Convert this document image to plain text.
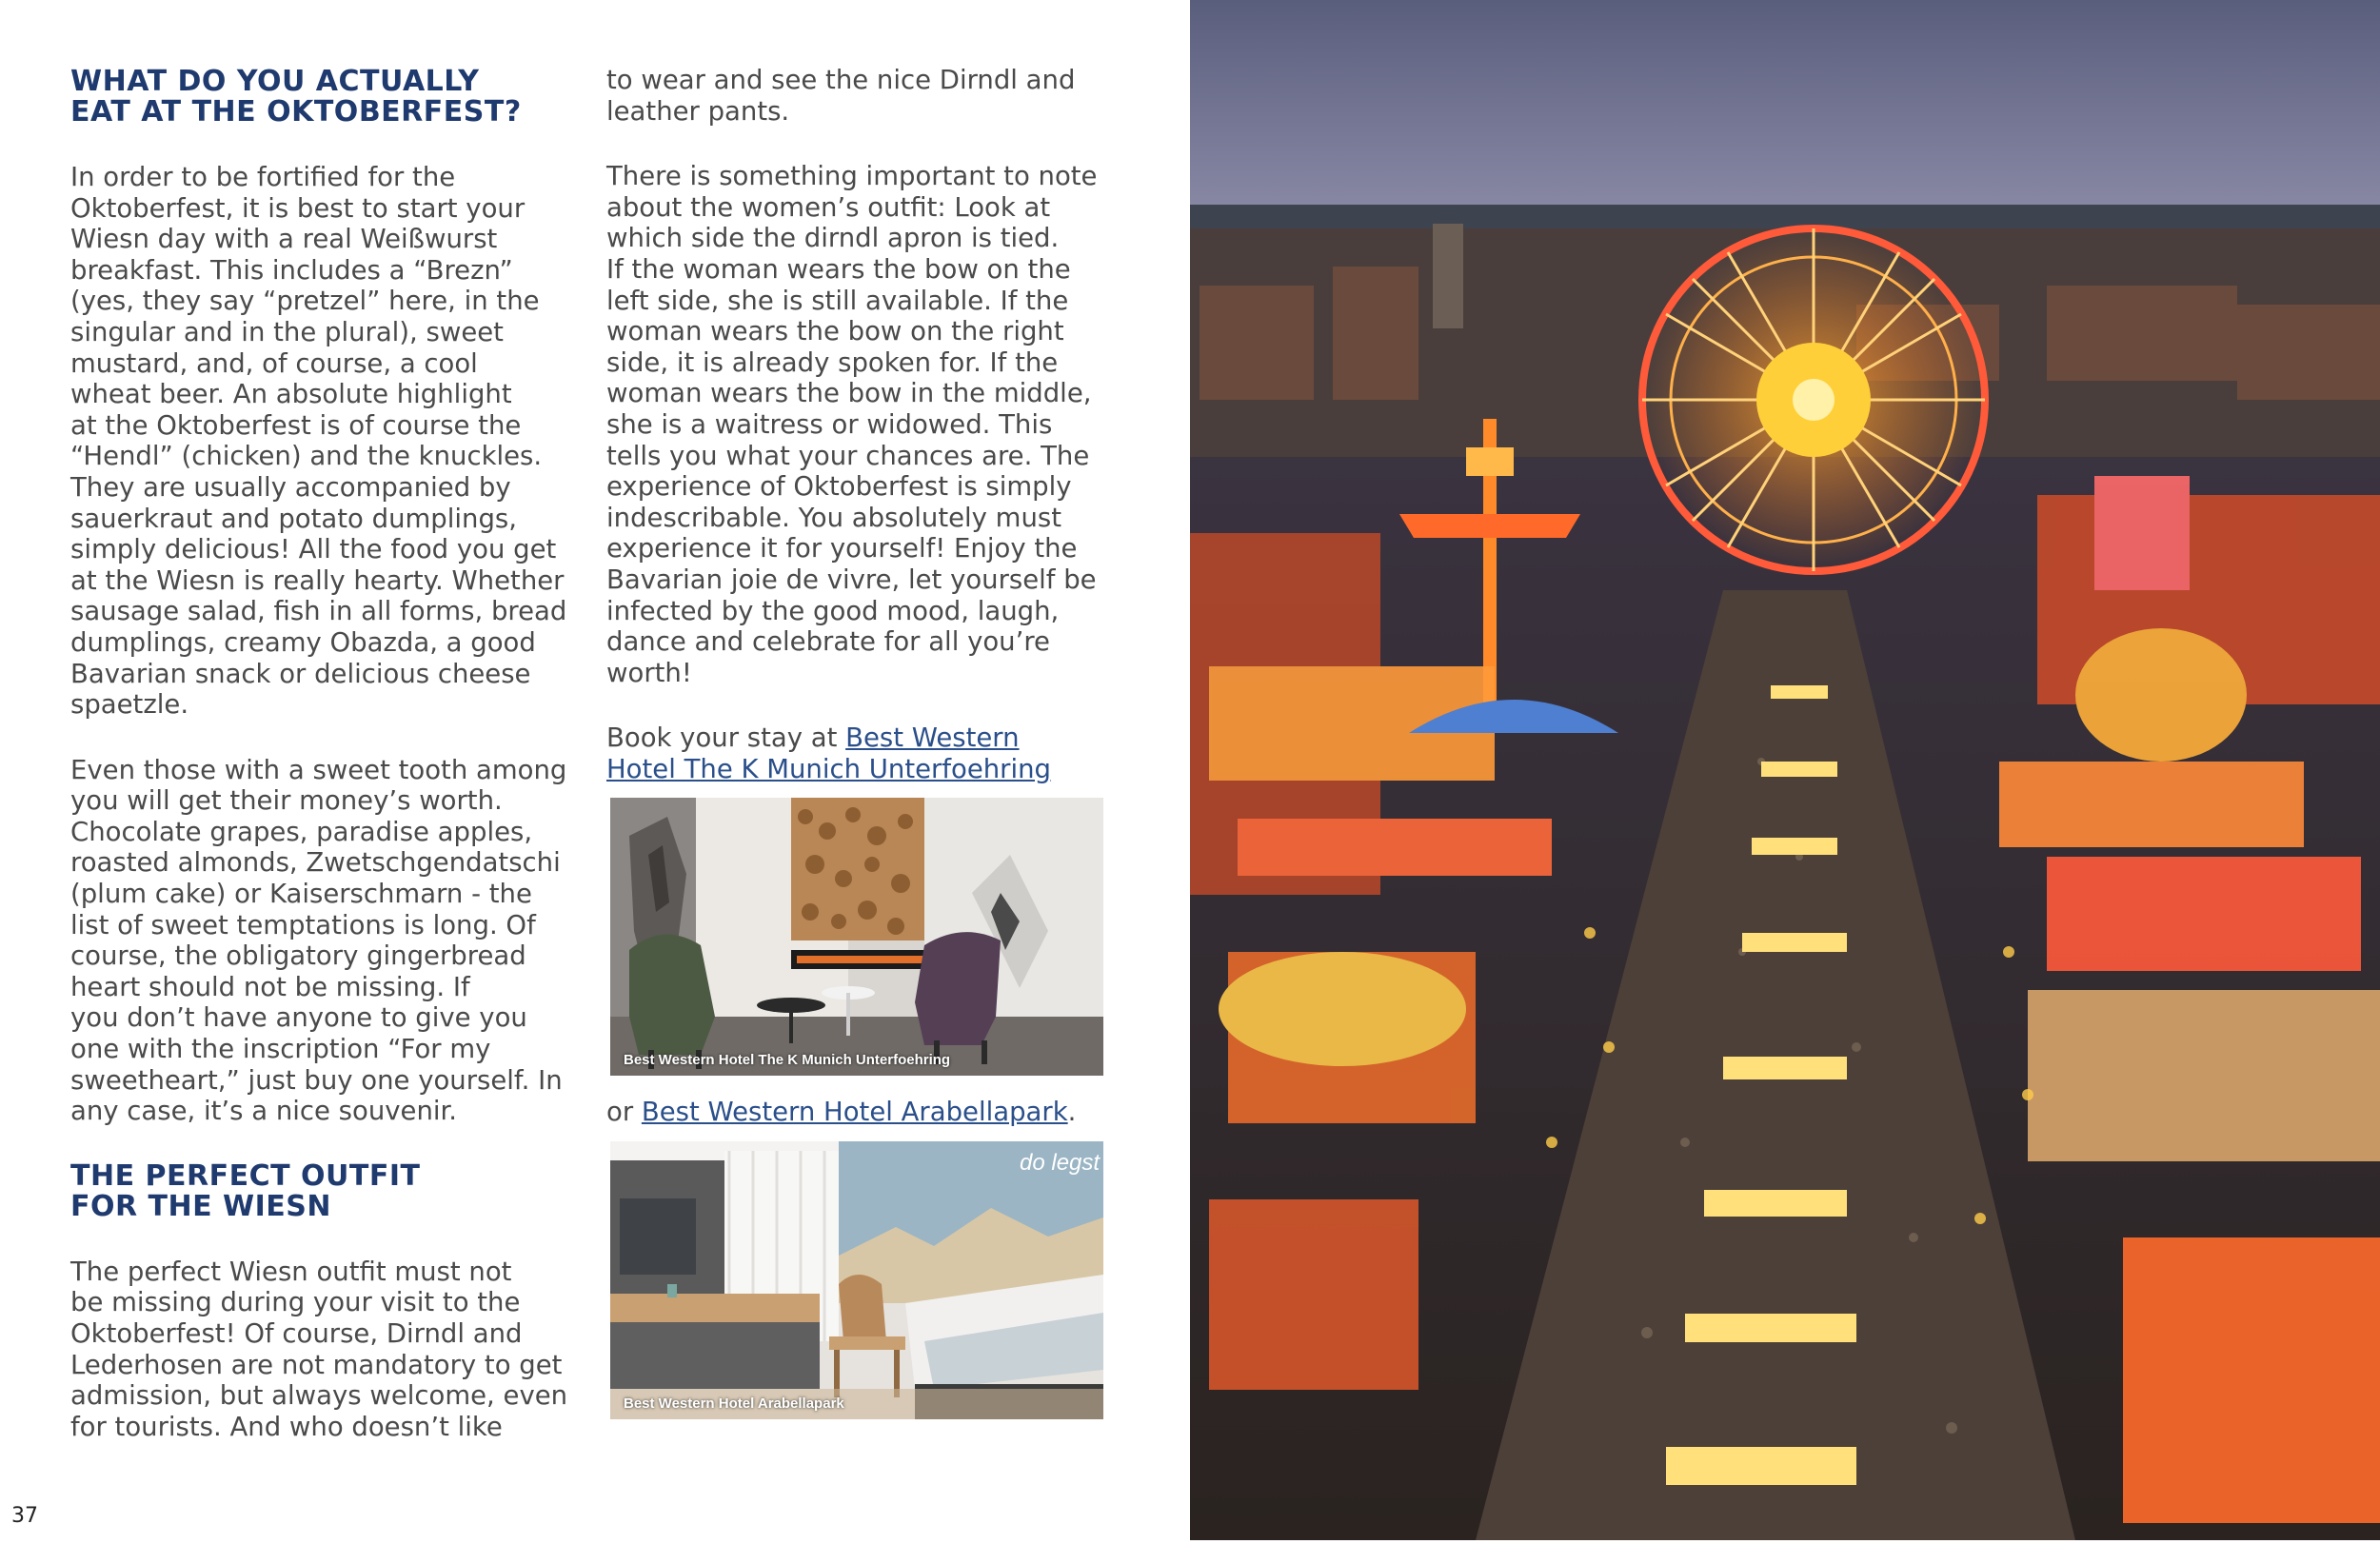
WHAT DO YOU ACTUALLY
EAT AT THE OKTOBERFEST?

In order to be fortified for the
Oktoberfest, it is best to start your
Wiesn day with a real Weißwurst
breakfast. This includes a “Brezn”
(yes, they say “pretzel” here, in the
singular and in the plural), sweet
mustard, and, of course, a cool
wheat beer. An absolute highlight
at the Oktoberfest is of course the
“Hendl” (chicken) and the knuckles.
They are usually accompanied by
sauerkraut and potato dumplings,
simply delicious! All the food you get
at the Wiesn is really hearty. Whether
sausage salad, fish in all forms, bread
dumplings, creamy Obazda, a good
Bavarian snack or delicious cheese
spaetzle.

Even those with a sweet tooth among
you will get their money’s worth.
Chocolate grapes, paradise apples,
roasted almonds, Zwetschgendatschi
(plum cake) or Kaiserschmarn - the
list of sweet temptations is long. Of
course, the obligatory gingerbread
heart should not be missing. If
you don’t have anyone to give you
one with the inscription “For my
sweetheart,” just buy one yourself. In
any case, it’s a nice souvenir.

THE PERFECT OUTFIT
FOR THE WIESN

The perfect Wiesn outfit must not
be missing during your visit to the
Oktoberfest! Of course, Dirndl and
Lederhosen are not mandatory to get
admission, but always welcome, even
for tourists. And who doesn’t like

to wear and see the nice Dirndl and
leather pants.

There is something important to note
about the women’s outfit: Look at
which side the dirndl apron is tied.
If the woman wears the bow on the
left side, she is still available. If the
woman wears the bow on the right
side, it is already spoken for. If the
woman wears the bow in the middle,
she is a waitress or widowed. This
tells you what your chances are. The
experience of Oktoberfest is simply
indescribable. You absolutely must
experience it for yourself! Enjoy the
Bavarian joie de vivre, let yourself be
infected by the good mood, laugh,
dance and celebrate for all you’re worth!

Book your stay at Best Western
Hotel The K Munich Unterfoehring

Best Western Hotel The K Munich Unterfoehring

or Best Western Hotel Arabellapark.

do legst
Best Western Hotel Arabellapark
37
